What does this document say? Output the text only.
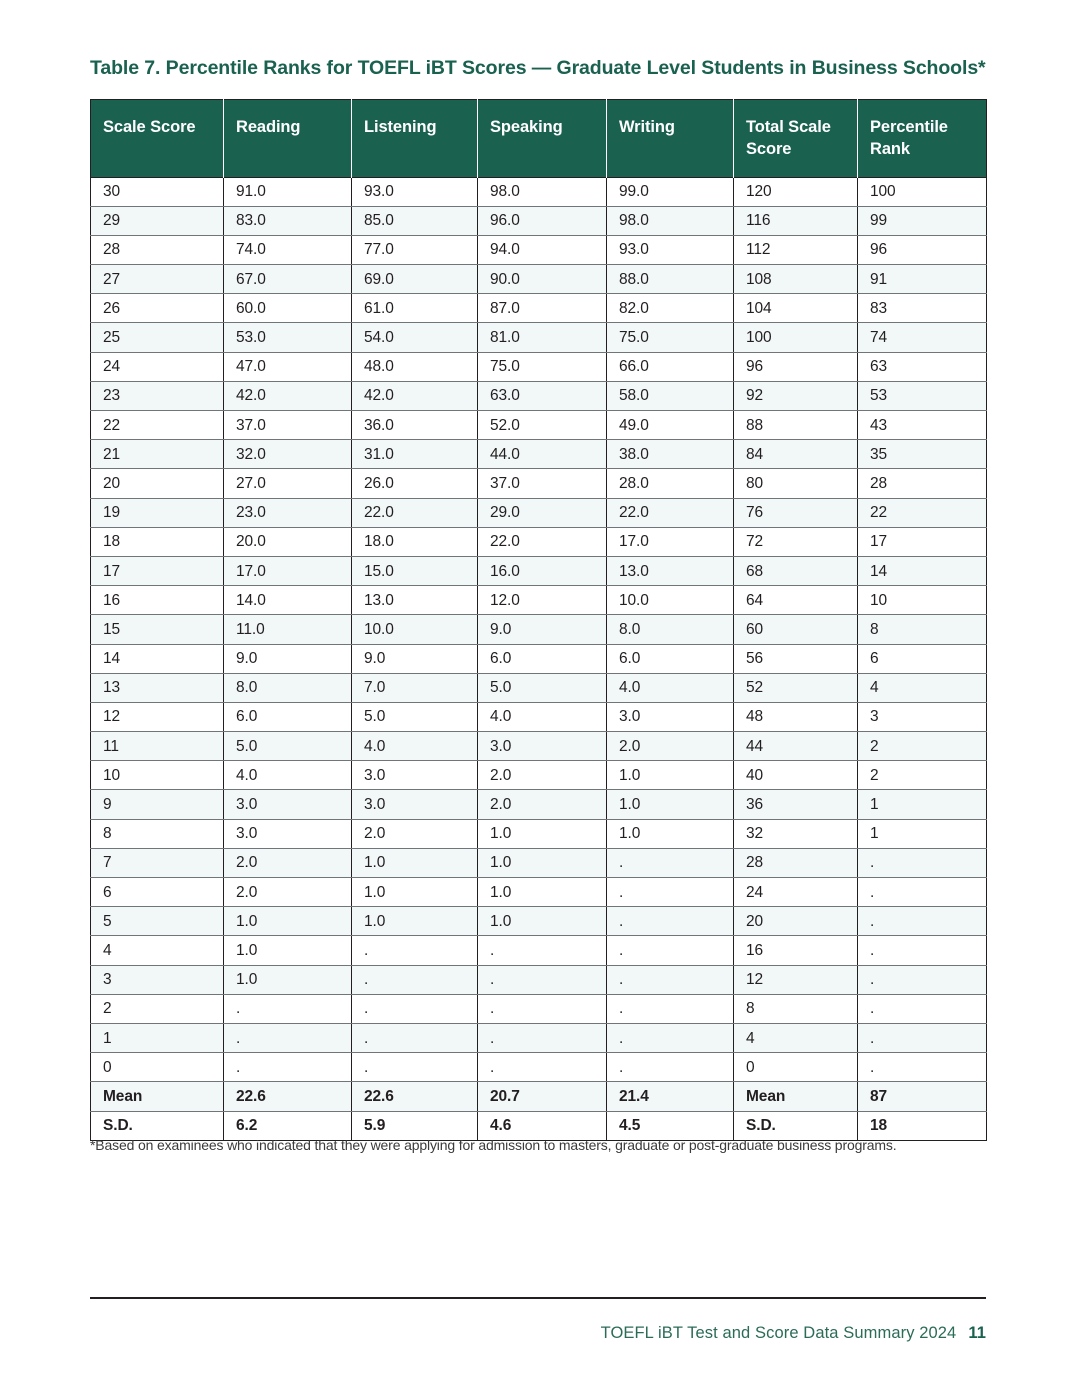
Table 7. Percentile Ranks for TOEFL iBT Scores — Graduate Level Students in Business Schools*
Scale Score	Reading	Listening	Speaking	Writing	Total Scale Score	Percentile Rank
30	91.0	93.0	98.0	99.0	120	100
29	83.0	85.0	96.0	98.0	116	99
28	74.0	77.0	94.0	93.0	112	96
27	67.0	69.0	90.0	88.0	108	91
26	60.0	61.0	87.0	82.0	104	83
25	53.0	54.0	81.0	75.0	100	74
24	47.0	48.0	75.0	66.0	96	63
23	42.0	42.0	63.0	58.0	92	53
22	37.0	36.0	52.0	49.0	88	43
21	32.0	31.0	44.0	38.0	84	35
20	27.0	26.0	37.0	28.0	80	28
19	23.0	22.0	29.0	22.0	76	22
18	20.0	18.0	22.0	17.0	72	17
17	17.0	15.0	16.0	13.0	68	14
16	14.0	13.0	12.0	10.0	64	10
15	11.0	10.0	9.0	8.0	60	8
14	9.0	9.0	6.0	6.0	56	6
13	8.0	7.0	5.0	4.0	52	4
12	6.0	5.0	4.0	3.0	48	3
11	5.0	4.0	3.0	2.0	44	2
10	4.0	3.0	2.0	1.0	40	2
9	3.0	3.0	2.0	1.0	36	1
8	3.0	2.0	1.0	1.0	32	1
7	2.0	1.0	1.0	.	28	.
6	2.0	1.0	1.0	.	24	.
5	1.0	1.0	1.0	.	20	.
4	1.0	.	.	.	16	.
3	1.0	.	.	.	12	.
2	.	.	.	.	8	.
1	.	.	.	.	4	.
0	.	.	.	.	0	.
Mean	22.6	22.6	20.7	21.4	Mean	87
S.D.	6.2	5.9	4.6	4.5	S.D.	18
*Based on examinees who indicated that they were applying for admission to masters, graduate or post-graduate business programs.
TOEFL iBT Test and Score Data Summary 2024 11
